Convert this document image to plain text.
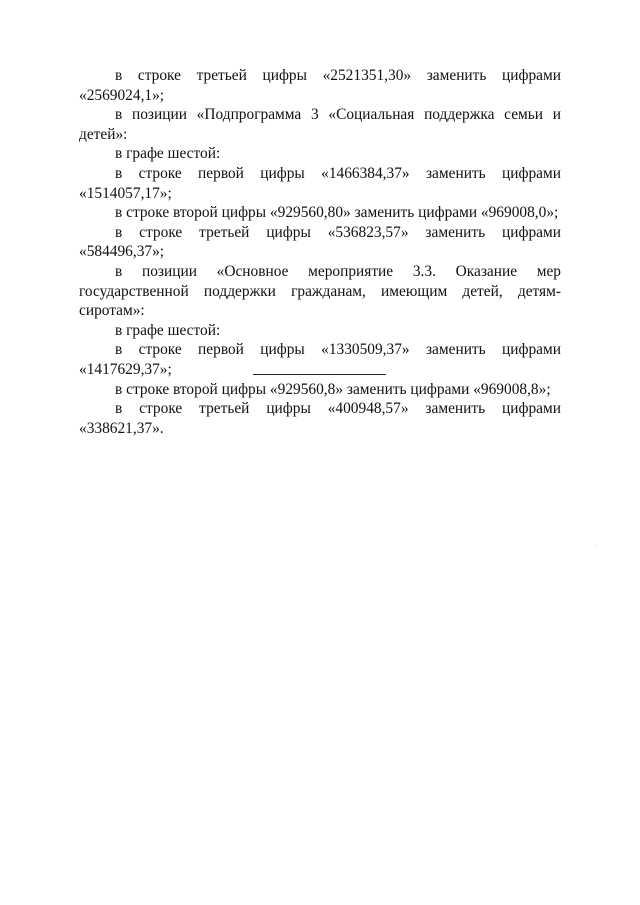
в строке третьей цифры «2521351,30» заменить цифрами «2569024,1»;

в позиции «Подпрограмма 3 «Социальная поддержка семьи и детей»:

в графе шестой:

в строке первой цифры «1466384,37» заменить цифрами «1514057,17»;

в строке второй цифры «929560,80» заменить цифрами «969008,0»;

в строке третьей цифры «536823,57» заменить цифрами «584496,37»;

в позиции «Основное мероприятие 3.3. Оказание мер государственной поддержки гражданам, имеющим детей, детям-сиротам»:

в графе шестой:

в строке первой цифры «1330509,37» заменить цифрами «1417629,37»;

в строке второй цифры «929560,8» заменить цифрами «969008,8»;

в строке третьей цифры «400948,57» заменить цифрами «338621,37».
